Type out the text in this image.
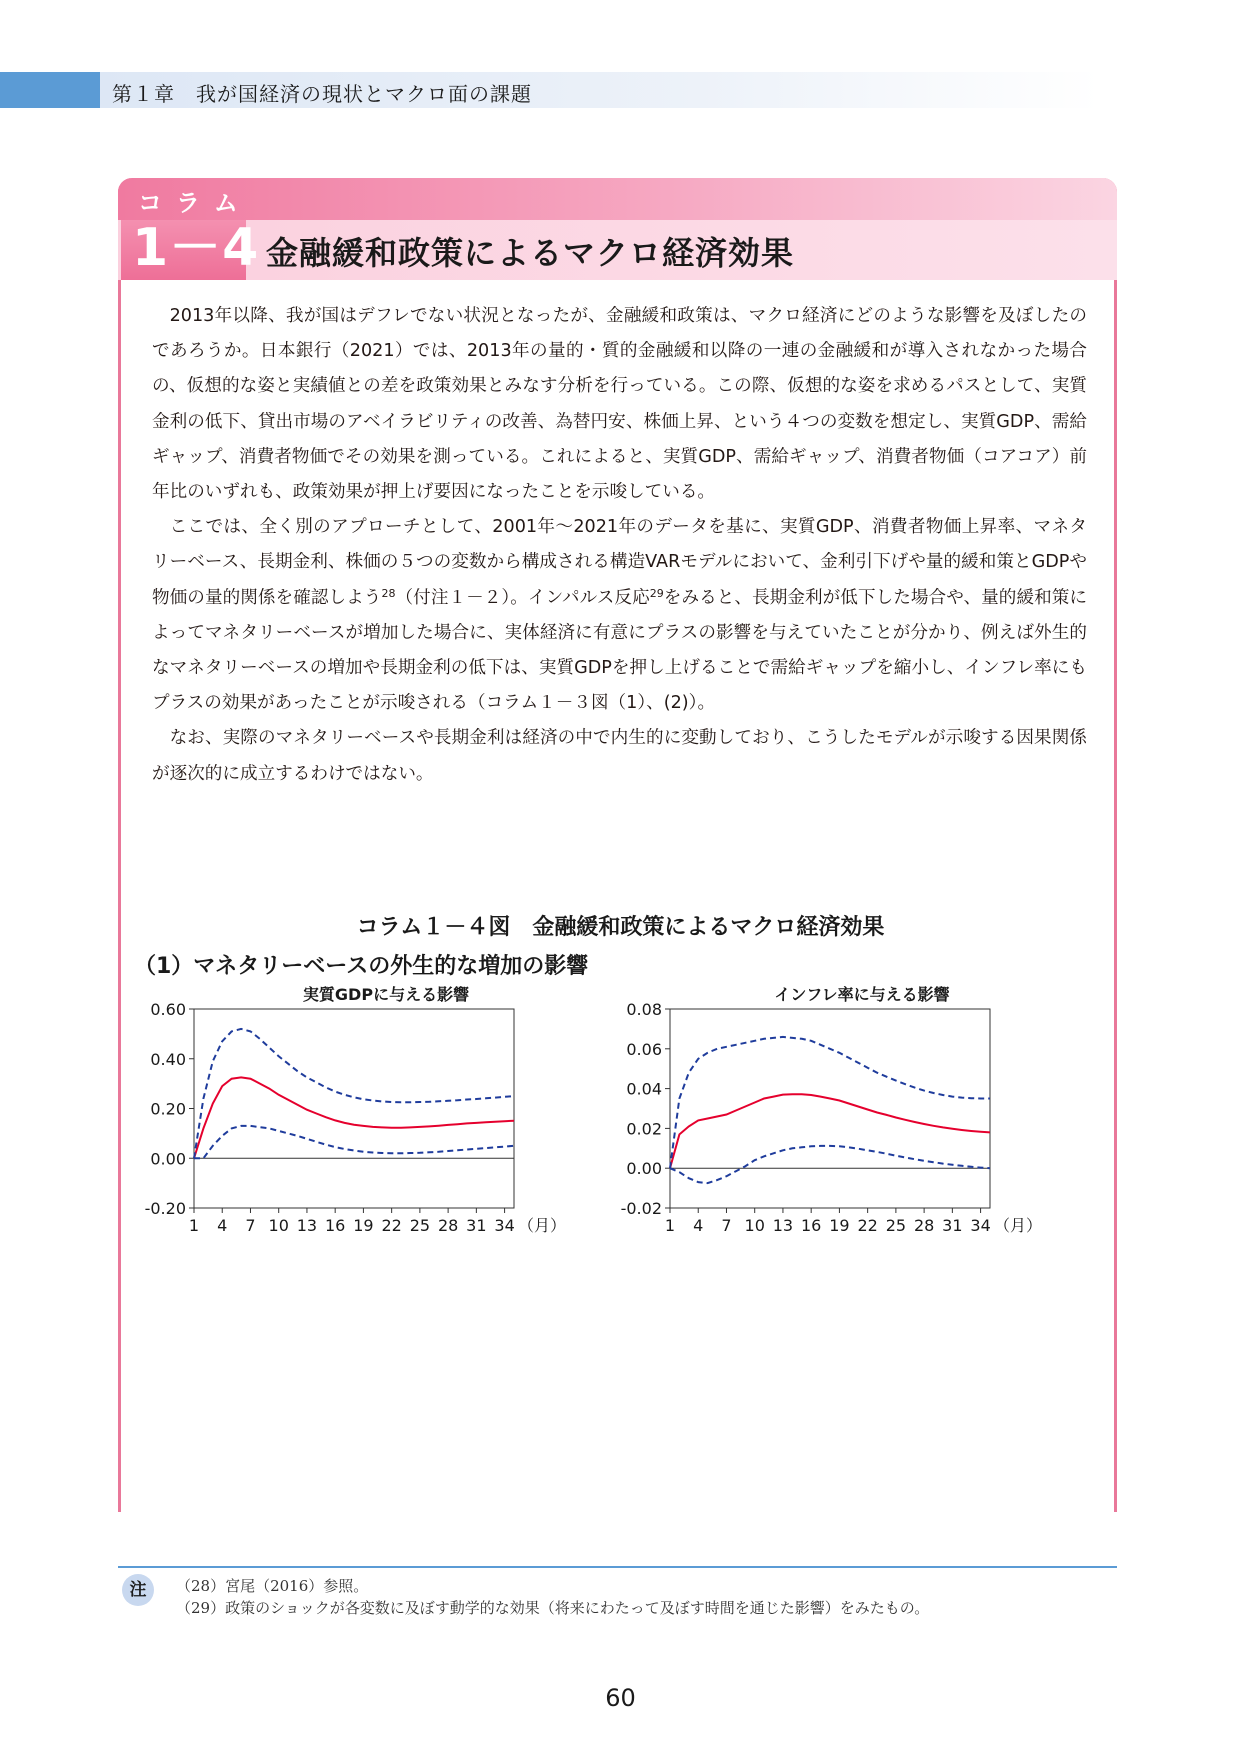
第１章　我が国経済の現状とマクロ面の課題
コラム
1－4 金融緩和政策によるマクロ経済効果

2013年以降、我が国はデフレでない状況となったが、金融緩和政策は、マクロ経済にどのような影響を及ぼしたのであろうか。日本銀行（2021）では、2013年の量的・質的金融緩和以降の一連の金融緩和が導入されなかった場合の、仮想的な姿と実績値との差を政策効果とみなす分析を行っている。この際、仮想的な姿を求めるパスとして、実質金利の低下、貸出市場のアベイラビリティの改善、為替円安、株価上昇、という４つの変数を想定し、実質GDP、需給ギャップ、消費者物価でその効果を測っている。これによると、実質GDP、需給ギャップ、消費者物価（コアコア）前年比のいずれも、政策効果が押上げ要因になったことを示唆している。

ここでは、全く別のアプローチとして、2001年～2021年のデータを基に、実質GDP、消費者物価上昇率、マネタリーベース、長期金利、株価の５つの変数から構成される構造VARモデルにおいて、金利引下げや量的緩和策とGDPや物価の量的関係を確認しよう$^{28}$（付注１－２）。インパルス反応$^{29}$をみると、長期金利が低下した場合や、量的緩和策によってマネタリーベースが増加した場合に、実体経済に有意にプラスの影響を与えていたことが分かり、例えば外生的なマネタリーベースの増加や長期金利の低下は、実質GDPを押し上げることで需給ギャップを縮小し、インフレ率にもプラスの効果があったことが示唆される（コラム１－３図（1）、(2)）。

なお、実際のマネタリーベースや長期金利は経済の中で内生的に変動しており、こうしたモデルが示唆する因果関係が逐次的に成立するわけではない。

コラム１－４図　金融緩和政策によるマクロ経済効果
（1）マネタリーベースの外生的な増加の影響
実質GDPに与える影響	インフレ率に与える影響
-0.20
0.00
0.20
0.40
0.60
1 4 7 10 13 16 19 22 25 28 31 34 （月）
-0.02
0.00
0.02
0.04
0.06
0.08
1 4 7 10 13 16 19 22 25 28 31 34 （月）
注	（28）宮尾（2016）参照。
（29）政策のショックが各変数に及ぼす動学的な効果（将来にわたって及ぼす時間を通じた影響）をみたもの。
60
